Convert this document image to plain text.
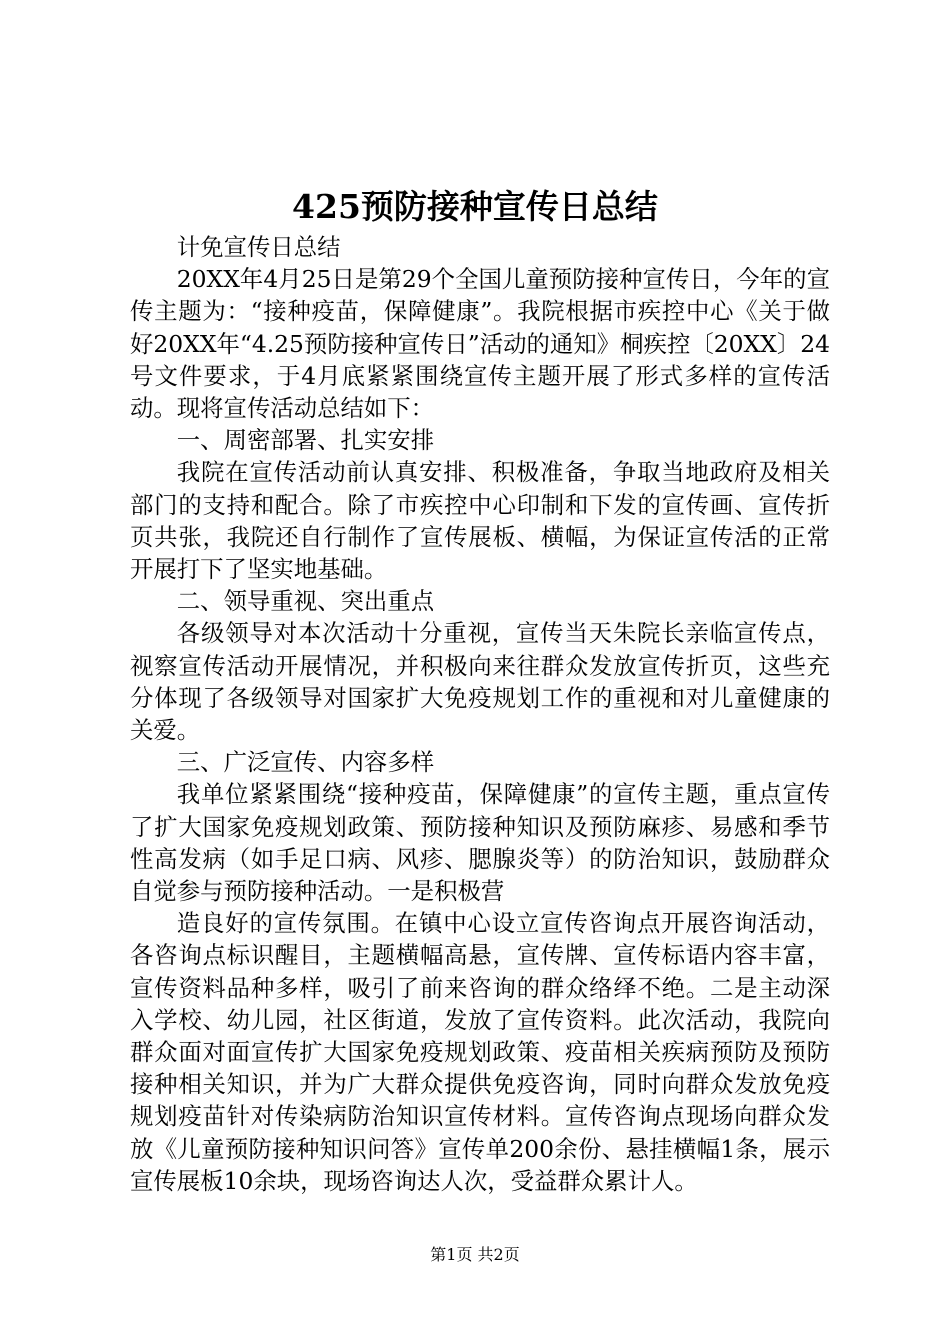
425预防接种宣传日总结

计免宣传日总结

20XX年4月25日是第29个全国儿童预防接种宣传日，今年的宣传主题为：“接种疫苗，保障健康”。我院根据市疾控中心《关于做好20XX年“4.25预防接种宣传日”活动的通知》桐疾控〔20XX〕24号文件要求，于4月底紧紧围绕宣传主题开展了形式多样的宣传活动。现将宣传活动总结如下：

一、周密部署、扎实安排

我院在宣传活动前认真安排、积极准备，争取当地政府及相关部门的支持和配合。除了市疾控中心印制和下发的宣传画、宣传折页共张，我院还自行制作了宣传展板、横幅，为保证宣传活的正常开展打下了坚实地基础。

二、领导重视、突出重点

各级领导对本次活动十分重视，宣传当天朱院长亲临宣传点，视察宣传活动开展情况，并积极向来往群众发放宣传折页，这些充分体现了各级领导对国家扩大免疫规划工作的重视和对儿童健康的关爱。

三、广泛宣传、内容多样

我单位紧紧围绕“接种疫苗，保障健康”的宣传主题，重点宣传了扩大国家免疫规划政策、预防接种知识及预防麻疹、易感和季节性高发病（如手足口病、风疹、腮腺炎等）的防治知识，鼓励群众自觉参与预防接种活动。一是积极营

造良好的宣传氛围。在镇中心设立宣传咨询点开展咨询活动，各咨询点标识醒目，主题横幅高悬，宣传牌、宣传标语内容丰富，宣传资料品种多样，吸引了前来咨询的群众络绎不绝。二是主动深入学校、幼儿园，社区街道，发放了宣传资料。此次活动，我院向群众面对面宣传扩大国家免疫规划政策、疫苗相关疾病预防及预防接种相关知识，并为广大群众提供免疫咨询，同时向群众发放免疫规划疫苗针对传染病防治知识宣传材料。宣传咨询点现场向群众发放《儿童预防接种知识问答》宣传单200余份、悬挂横幅1条，展示宣传展板10余块，现场咨询达人次，受益群众累计人。

第1页 共2页
